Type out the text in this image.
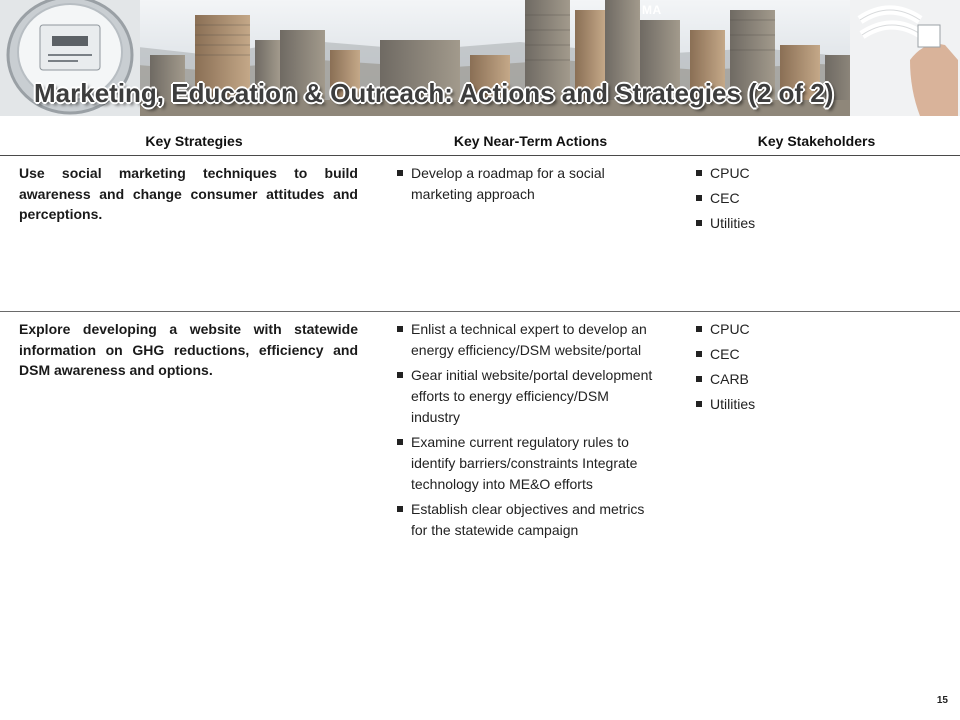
MA
Marketing, Education & Outreach: Actions and Strategies (2 of 2)
Key Strategies	Key Near-Term Actions	Key Stakeholders
Use social marketing techniques to build awareness and change consumer attitudes and perceptions.
Develop a roadmap for a social marketing approach
CPUC
CEC
Utilities
Explore developing a website with statewide information on GHG reductions, efficiency and DSM awareness and options.
Enlist a technical expert to develop an energy efficiency/DSM website/portal
Gear initial website/portal development efforts to energy efficiency/DSM industry
Examine current regulatory rules to identify barriers/constraints Integrate technology into ME&O efforts
Establish clear objectives and metrics for the statewide campaign
CPUC
CEC
CARB
Utilities
15
